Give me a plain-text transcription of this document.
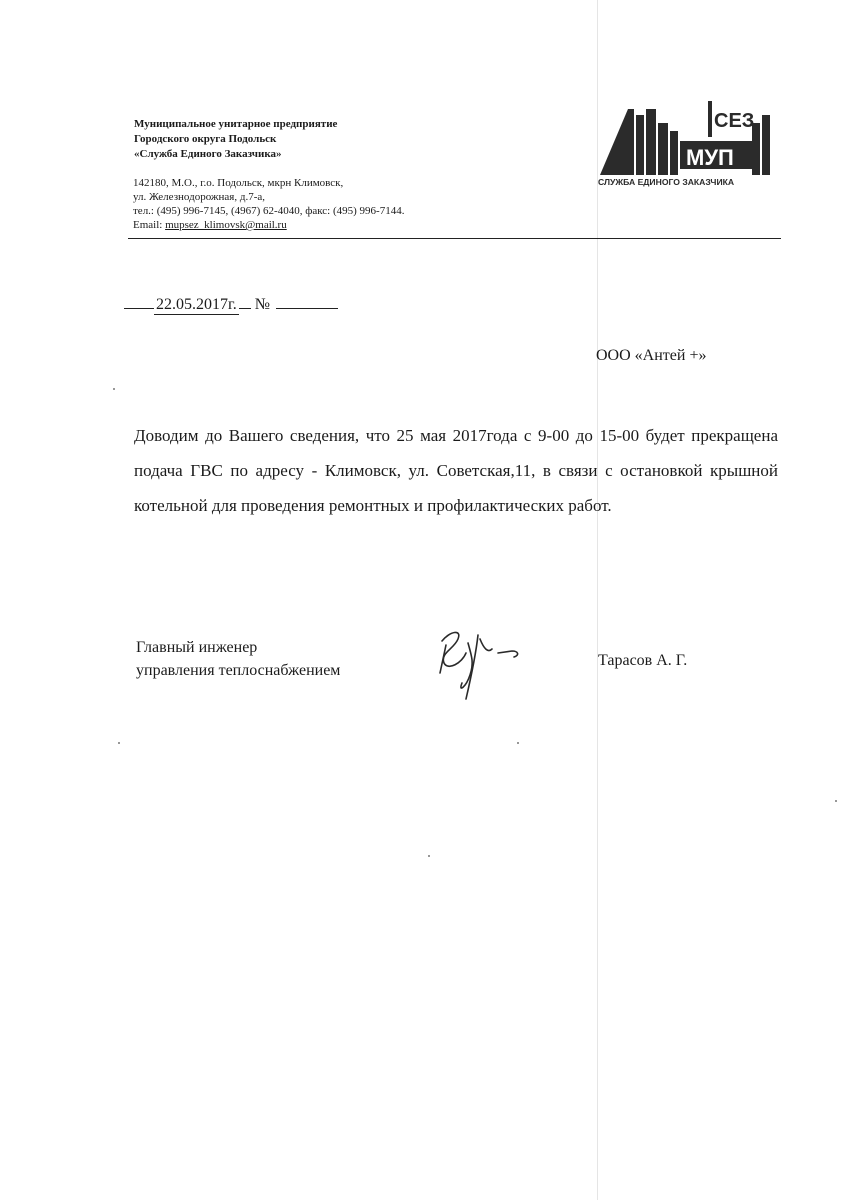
Муниципальное унитарное предприятие
Городского округа Подольск
«Служба Единого Заказчика»
142180, М.О., г.о. Подольск, мкрн Климовск,
ул. Железнодорожная, д.7-а,
тел.: (495) 996-7145, (4967) 62-4040, факс: (495) 996-7144.
Email: mupsez_klimovsk@mail.ru
СЕЗ
МУП
СЛУЖБА ЕДИНОГО ЗАКАЗЧИКА
22.05.2017г. №
ООО «Антей +»
Доводим до Вашего сведения, что 25 мая 2017года с 9-00 до 15-00 будет прекращена подача ГВС по адресу - Климовск, ул. Советская,11, в связи с остановкой крышной котельной для проведения ремонтных и профилактических работ.
Главный инженер
управления теплоснабжением
Тарасов А. Г.
